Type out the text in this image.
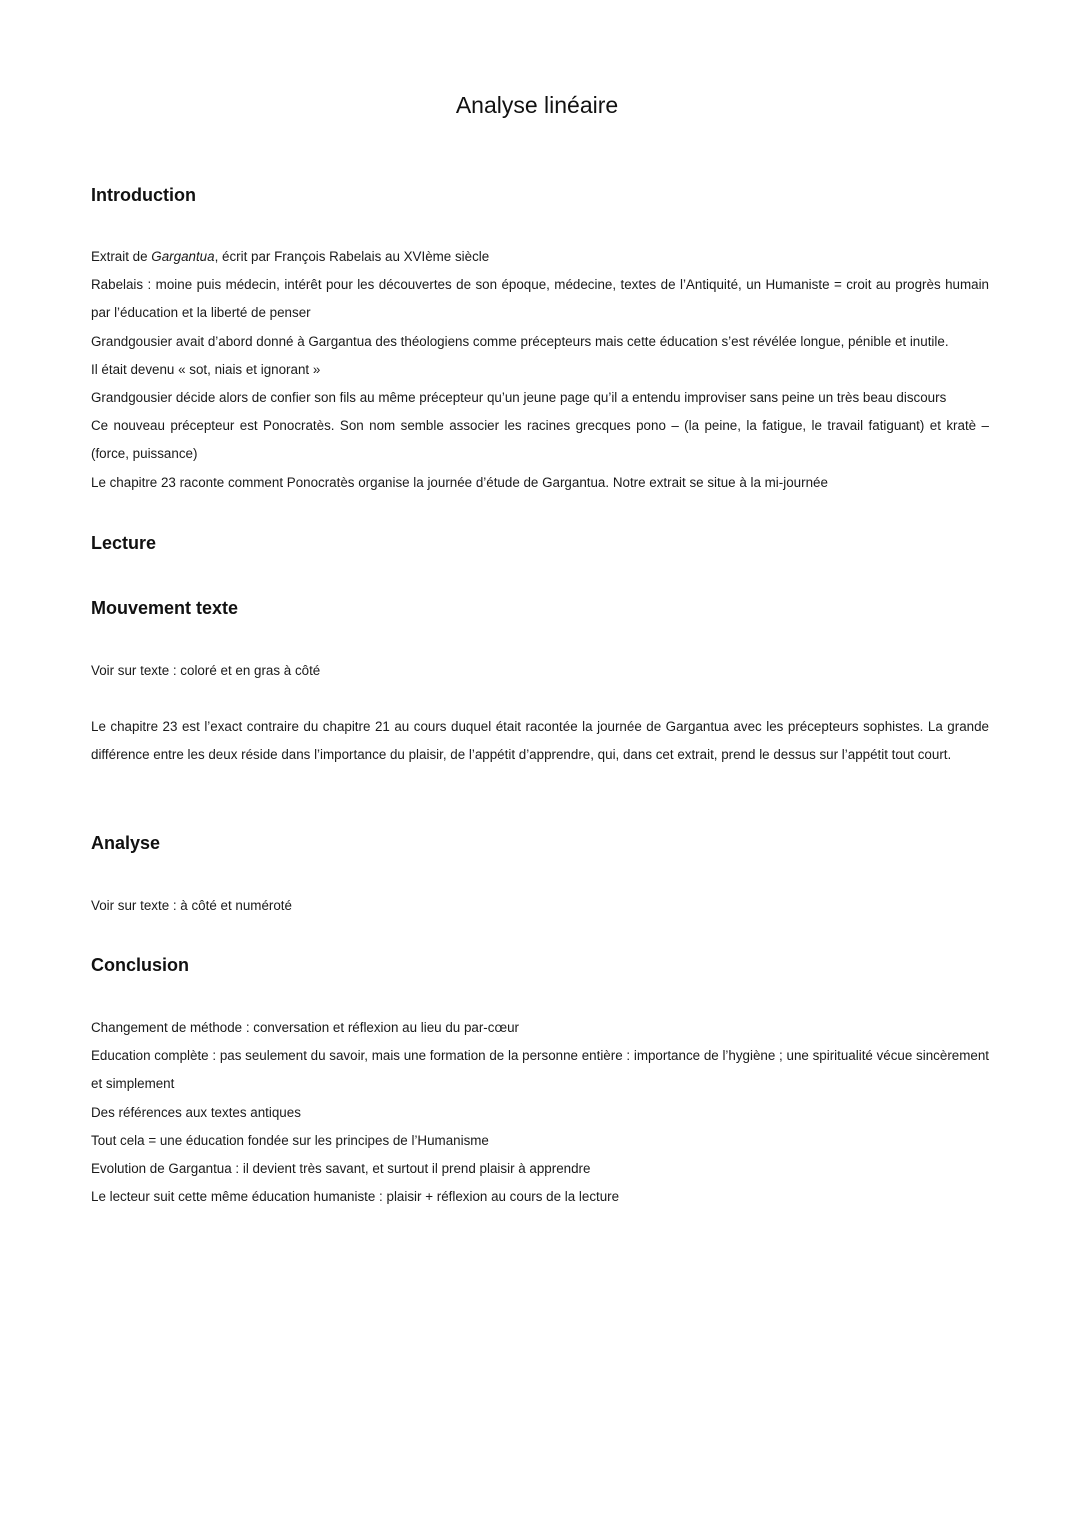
Analyse linéaire
Introduction

Extrait de Gargantua, écrit par François Rabelais au XVIème siècle

Rabelais : moine puis médecin, intérêt pour les découvertes de son époque, médecine, textes de l’Antiquité, un Humaniste = croit au progrès humain par l’éducation et la liberté de penser

Grandgousier avait d’abord donné à Gargantua des théologiens comme précepteurs mais cette éducation s’est révélée longue, pénible et inutile.

Il était devenu « sot, niais et ignorant »

Grandgousier décide alors de confier son fils au même précepteur qu’un jeune page qu’il a entendu improviser sans peine un très beau discours

Ce nouveau précepteur est Ponocratès. Son nom semble associer les racines grecques pono – (la peine, la fatigue, le travail fatiguant) et kratè – (force, puissance)

Le chapitre 23 raconte comment Ponocratès organise la journée d’étude de Gargantua. Notre extrait se situe à la mi-journée

Lecture
Mouvement texte

Voir sur texte : coloré et en gras à côté

Le chapitre 23 est l’exact contraire du chapitre 21 au cours duquel était racontée la journée de Gargantua avec les précepteurs sophistes. La grande différence entre les deux réside dans l’importance du plaisir, de l’appétit d’apprendre, qui, dans cet extrait, prend le dessus sur l’appétit tout court.

Analyse

Voir sur texte : à côté et numéroté

Conclusion

Changement de méthode : conversation et réflexion au lieu du par-cœur

Education complète : pas seulement du savoir, mais une formation de la personne entière : importance de l’hygiène ; une spiritualité vécue sincèrement et simplement

Des références aux textes antiques

Tout cela = une éducation fondée sur les principes de l’Humanisme

Evolution de Gargantua : il devient très savant, et surtout il prend plaisir à apprendre

Le lecteur suit cette même éducation humaniste : plaisir + réflexion au cours de la lecture
